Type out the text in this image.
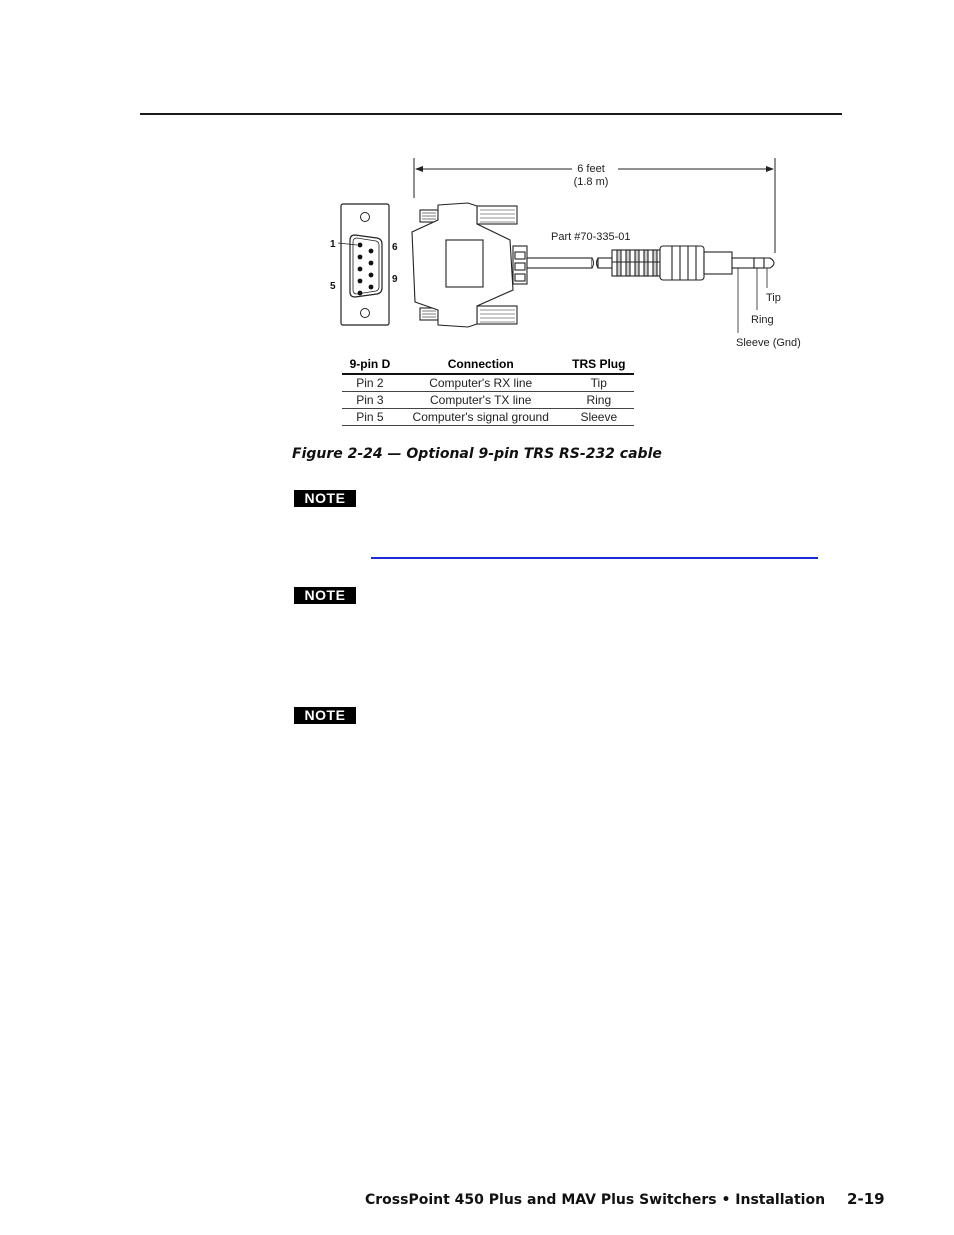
6 feet
(1.8 m)
1
5
6
9
Part #70-335-01
Tip
Ring
Sleeve (Gnd)
9-pin D	Connection	TRS Plug
Pin 2	Computer's RX line	Tip
Pin 3	Computer's TX line	Ring
Pin 5	Computer's signal ground	Sleeve
Figure 2-24 — Optional 9-pin TRS RS-232 cable
NOTE
NOTE
NOTE
CrossPoint 450 Plus and MAV Plus Switchers • Installation 2-19
